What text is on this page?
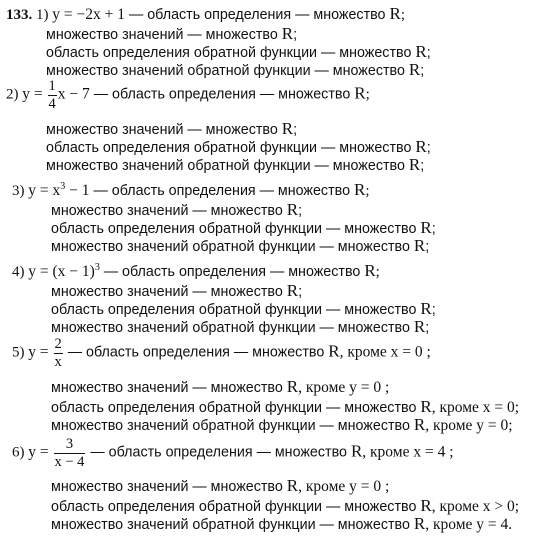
133. 1) y = −2x + 1 — область определения — множество R;
множество значений — множество R;
область определения обратной функции — множество R;
множество значений обратной функции — множество R;
2) $y = \frac{1}{4}$ x − 7 — область определения — множество R;
множество значений — множество R;
область определения обратной функции — множество R;
множество значений обратной функции — множество R;
3) $y = x^3 - 1$ — область определения — множество R;
множество значений — множество R;
область определения обратной функции — множество R;
множество значений обратной функции — множество R;
4) $y = (x - 1)^3$ — область определения — множество R;
множество значений — множество R;
область определения обратной функции — множество R;
множество значений обратной функции — множество R;
5) $y = \frac{2}{x}$ — область определения — множество R, кроме x = 0 ;
множество значений — множество R, кроме y = 0 ;
область определения обратной функции — множество R, кроме x = 0;
множество значений обратной функции — множество R, кроме y = 0;
6) $y = \frac{3}{x - 4}$ — область определения — множество R, кроме x = 4 ;
множество значений — множество R, кроме y = 0 ;
область определения обратной функции — множество R, кроме x > 0;
множество значений обратной функции — множество R, кроме y = 4.
